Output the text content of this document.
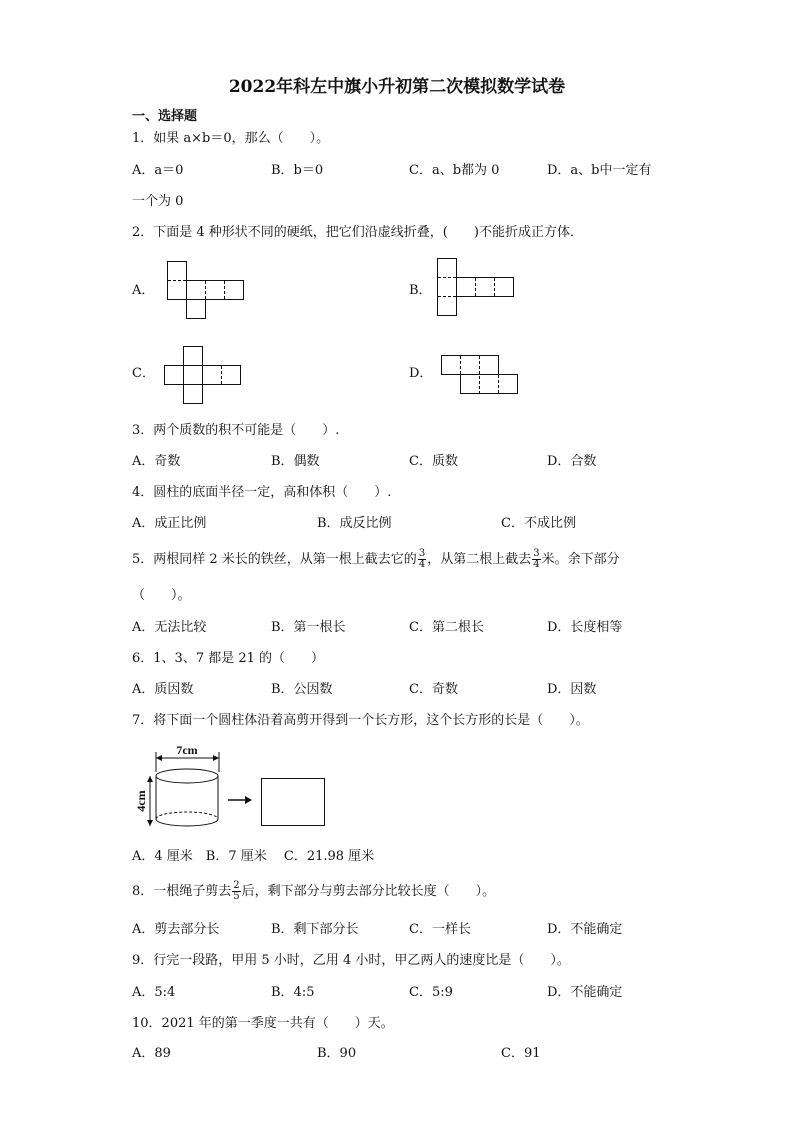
2022年科左中旗小升初第二次模拟数学试卷
一、选择题
1．如果 a×b＝0，那么（　　）。
A．a＝0	B．b＝0	C．a、b都为 0	D．a、b中一定有
一个为 0
2．下面是 4 种形状不同的硬纸，把它们沿虚线折叠，(　　)不能折成正方体．
A．	B．
C．	D．
3．两个质数的积不可能是（　　）.
A．奇数	B．偶数	C．质数	D．合数
4．圆柱的底面半径一定，高和体积（　　）.
A．成正比例	B．成反比例	C．不成比例
5．两根同样 2 米长的铁丝，从第一根上截去它的 $\frac{3}{4}$ ，从第二根上截去 $\frac{3}{4}$ 米。余下部分
（　　）。
A．无法比较	B．第一根长	C．第二根长	D．长度相等
6．1、3、7 都是 21 的（　　）
A．质因数	B．公因数	C．奇数	D．因数
7．将下面一个圆柱体沿着高剪开得到一个长方形，这个长方形的长是（　　）。
7cm
4cm
A．4 厘米　B．7 厘米　 C．21.98 厘米
8．一根绳子剪去 $\frac{2}{5}$ 后，剩下部分与剪去部分比较长度（　　）。
A．剪去部分长	B．剩下部分长	C．一样长	D．不能确定
9．行完一段路，甲用 5 小时，乙用 4 小时，甲乙两人的速度比是（　　）。
A．5:4	B．4:5	C．5:9	D．不能确定
10．2021 年的第一季度一共有（　　）天。
A．89	B．90	C．91
